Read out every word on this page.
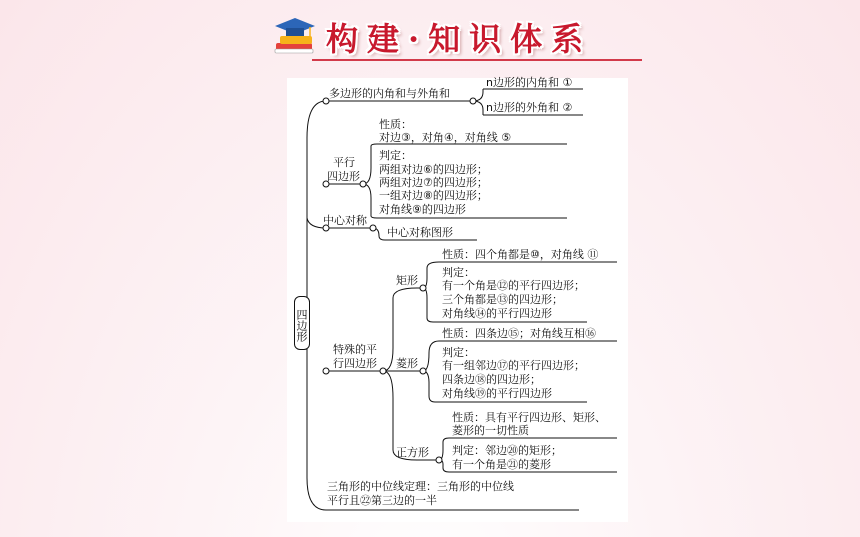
构建·知识体系
四边形
多边形的内角和与外角和
n边形的内角和 ①
n边形的外角和 ②
平行
四边形
性质：
对边③，对角④，对角线 ⑤
判定：
两组对边⑥的四边形；
两组对边⑦的四边形；
一组对边⑧的四边形；
对角线⑨的四边形
中心对称
中心对称图形
特殊的平
行四边形
矩形
性质：四个角都是⑩，对角线 ⑪
判定：
有一个角是⑫的平行四边形；
三个角都是⑬的四边形；
对角线⑭的平行四边形
菱形
性质：四条边⑮；对角线互相⑯
判定：
有一组邻边⑰的平行四边形；
四条边⑱的四边形；
对角线⑲的平行四边形
正方形
性质：具有平行四边形、矩形、
菱形的一切性质
判定：邻边⑳的矩形；
有一个角是㉑的菱形
三角形的中位线定理：三角形的中位线
平行且㉒第三边的一半
